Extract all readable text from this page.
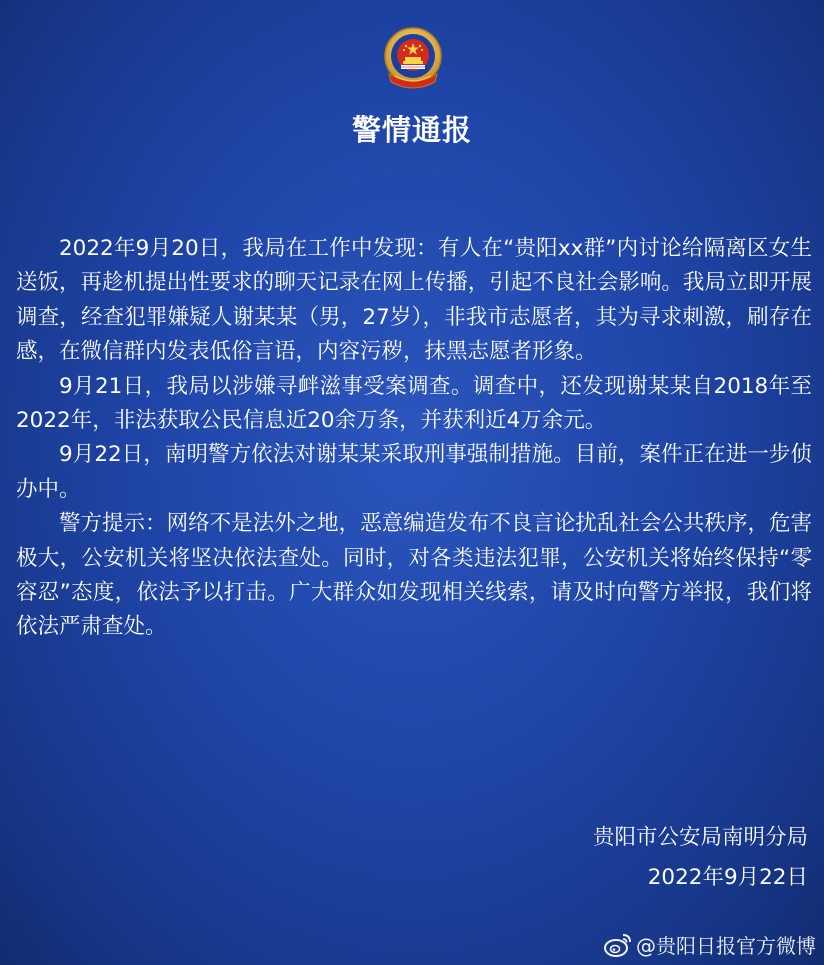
警情通报

2022年9月20日，我局在工作中发现：有人在“贵阳xx群”内讨论给隔离区女生送饭，再趁机提出性要求的聊天记录在网上传播，引起不良社会影响。我局立即开展调查，经查犯罪嫌疑人谢某某（男，27岁），非我市志愿者，其为寻求刺激，刷存在感，在微信群内发表低俗言语，内容污秽，抹黑志愿者形象。

9月21日，我局以涉嫌寻衅滋事受案调查。调查中，还发现谢某某自2018年至2022年，非法获取公民信息近20余万条，并获利近4万余元。

9月22日，南明警方依法对谢某某采取刑事强制措施。目前，案件正在进一步侦办中。

警方提示：网络不是法外之地，恶意编造发布不良言论扰乱社会公共秩序，危害极大，公安机关将坚决依法查处。同时，对各类违法犯罪，公安机关将始终保持“零容忍”态度，依法予以打击。广大群众如发现相关线索，请及时向警方举报，我们将依法严肃查处。

贵阳市公安局南明分局
2022年9月22日
@贵阳日报官方微博
